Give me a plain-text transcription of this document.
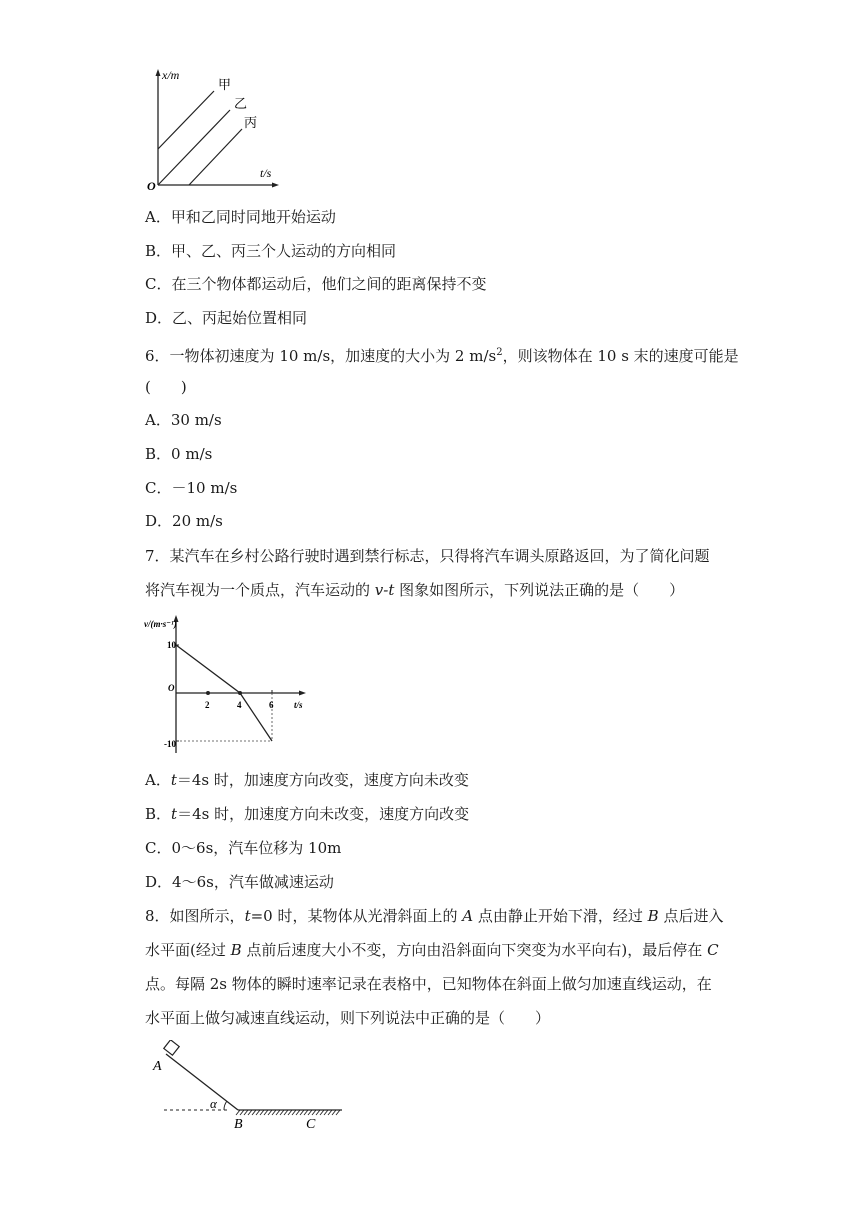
x/m
t/s
O
甲
乙
丙
A．甲和乙同时同地开始运动
B．甲、乙、丙三个人运动的方向相同
C．在三个物体都运动后，他们之间的距离保持不变
D．乙、丙起始位置相同
6．一物体初速度为 10 m/s，加速度的大小为 2 $m/s^2$，则该物体在 10 s 末的速度可能是
(　　)
A．30 m/s
B．0 m/s
C．－10 m/s
D．20 m/s
7．某汽车在乡村公路行驶时遇到禁行标志，只得将汽车调头原路返回，为了简化问题
将汽车视为一个质点，汽车运动的 v-t 图象如图所示，下列说法正确的是（　　）
v/(m·s⁻¹)
t/s
O
10
-10
2	4	6
A．t＝4s 时，加速度方向改变，速度方向未改变
B．t＝4s 时，加速度方向未改变，速度方向改变
C．0～6s，汽车位移为 10m
D．4～6s，汽车做减速运动
8．如图所示，t=0 时，某物体从光滑斜面上的 A 点由静止开始下滑，经过 B 点后进入
水平面(经过 B 点前后速度大小不变，方向由沿斜面向下突变为水平向右)，最后停在 C
点。每隔 2s 物体的瞬时速率记录在表格中，已知物体在斜面上做匀加速直线运动，在
水平面上做匀减速直线运动，则下列说法中正确的是（　　）
A
α
B	C
